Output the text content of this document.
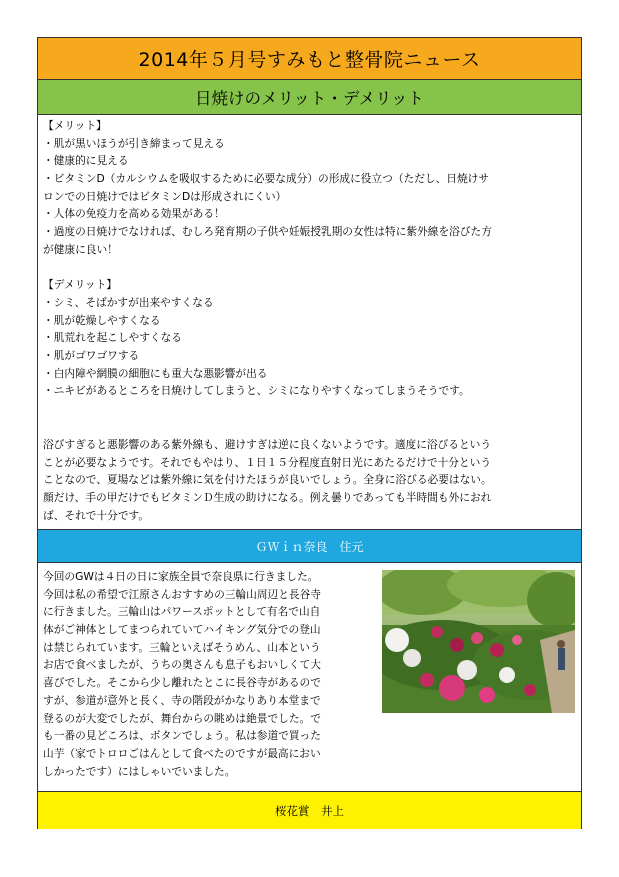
2014年５月号すみもと整骨院ニュース
日焼けのメリット・デメリット
【メリット】
・肌が黒いほうが引き締まって見える
・健康的に見える
・ビタミンD（カルシウムを吸収するために必要な成分）の形成に役立つ（ただし、日焼けサ
ロンでの日焼けではビタミンDは形成されにくい）
・人体の免疫力を高める効果がある！
・過度の日焼けでなければ、むしろ発育期の子供や妊娠授乳期の女性は特に紫外線を浴びた方
が健康に良い！
【デメリット】
・シミ、そばかすが出来やすくなる
・肌が乾燥しやすくなる
・肌荒れを起こしやすくなる
・肌がゴワゴワする
・白内障や網膜の細胞にも重大な悪影響が出る
・ニキビがあるところを日焼けしてしまうと、シミになりやすくなってしまうそうです。
浴びすぎると悪影響のある紫外線も、避けすぎは逆に良くないようです。適度に浴びるという
ことが必要なようです。それでもやはり、１日１５分程度直射日光にあたるだけで十分という
ことなので、夏場などは紫外線に気を付けたほうが良いでしょう。全身に浴びる必要はない。
顔だけ、手の甲だけでもビタミンＤ生成の助けになる。例え曇りであっても半時間も外におれ
ば、それで十分です。
ＧＷｉｎ奈良　住元
今回のGWは４日の日に家族全員で奈良県に行きました。
今回は私の希望で江原さんおすすめの三輪山周辺と長谷寺
に行きました。三輪山はパワースポットとして有名で山自
体がご神体としてまつられていてハイキング気分での登山
は禁じられています。三輪といえばそうめん、山本という
お店で食べましたが、うちの奥さんも息子もおいしくて大
喜びでした。そこから少し離れたとこに長谷寺があるので
すが、参道が意外と長く、寺の階段がかなりあり本堂まで
登るのが大変でしたが、舞台からの眺めは絶景でした。で
も一番の見どころは、ボタンでしょう。私は参道で買った
山芋（家でトロロごはんとして食べたのですが最高におい
しかったです）にはしゃいでいました。
桜花賞　井上
